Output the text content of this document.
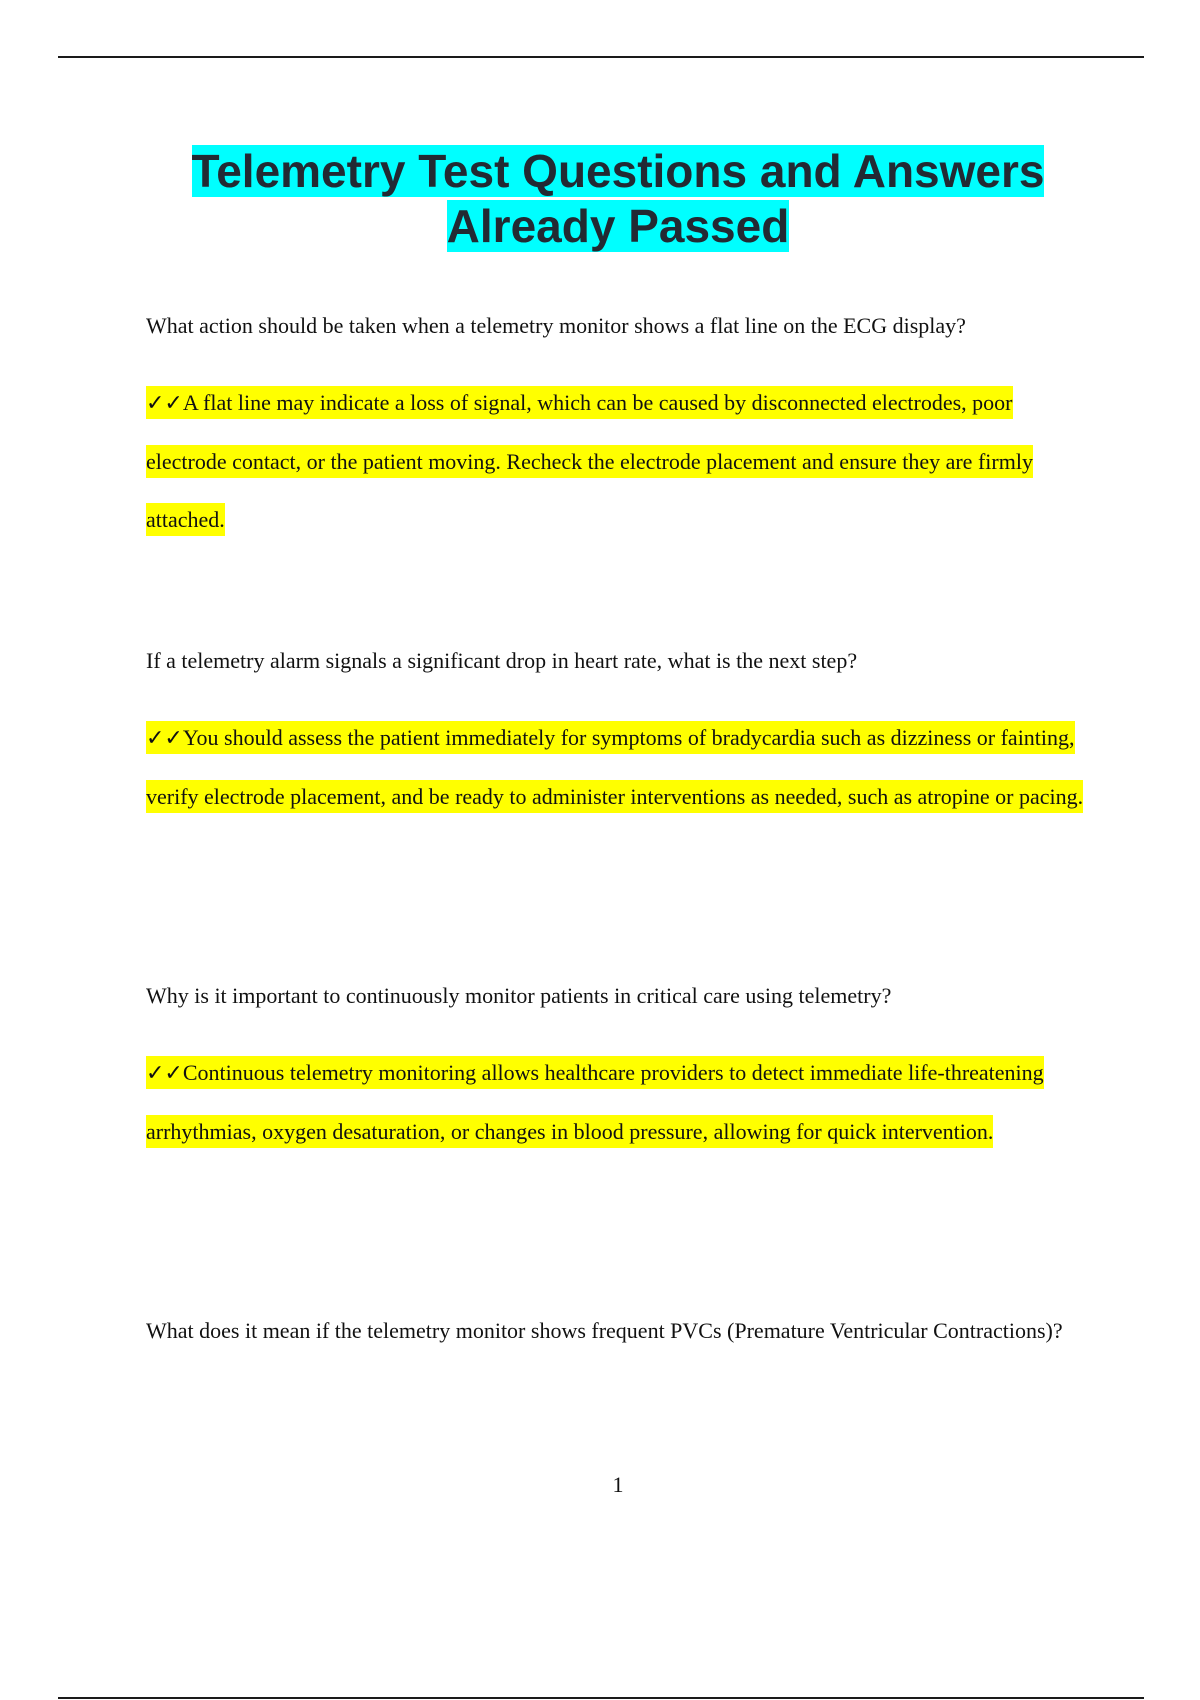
Telemetry Test Questions and Answers
Already Passed

What action should be taken when a telemetry monitor shows a flat line on the ECG display?

✓✓A flat line may indicate a loss of signal, which can be caused by disconnected electrodes, poor electrode contact, or the patient moving. Recheck the electrode placement and ensure they are firmly attached.

If a telemetry alarm signals a significant drop in heart rate, what is the next step?

✓✓You should assess the patient immediately for symptoms of bradycardia such as dizziness or fainting, verify electrode placement, and be ready to administer interventions as needed, such as atropine or pacing.

Why is it important to continuously monitor patients in critical care using telemetry?

✓✓Continuous telemetry monitoring allows healthcare providers to detect immediate life-threatening arrhythmias, oxygen desaturation, or changes in blood pressure, allowing for quick intervention.

What does it mean if the telemetry monitor shows frequent PVCs (Premature Ventricular Contractions)?

1
